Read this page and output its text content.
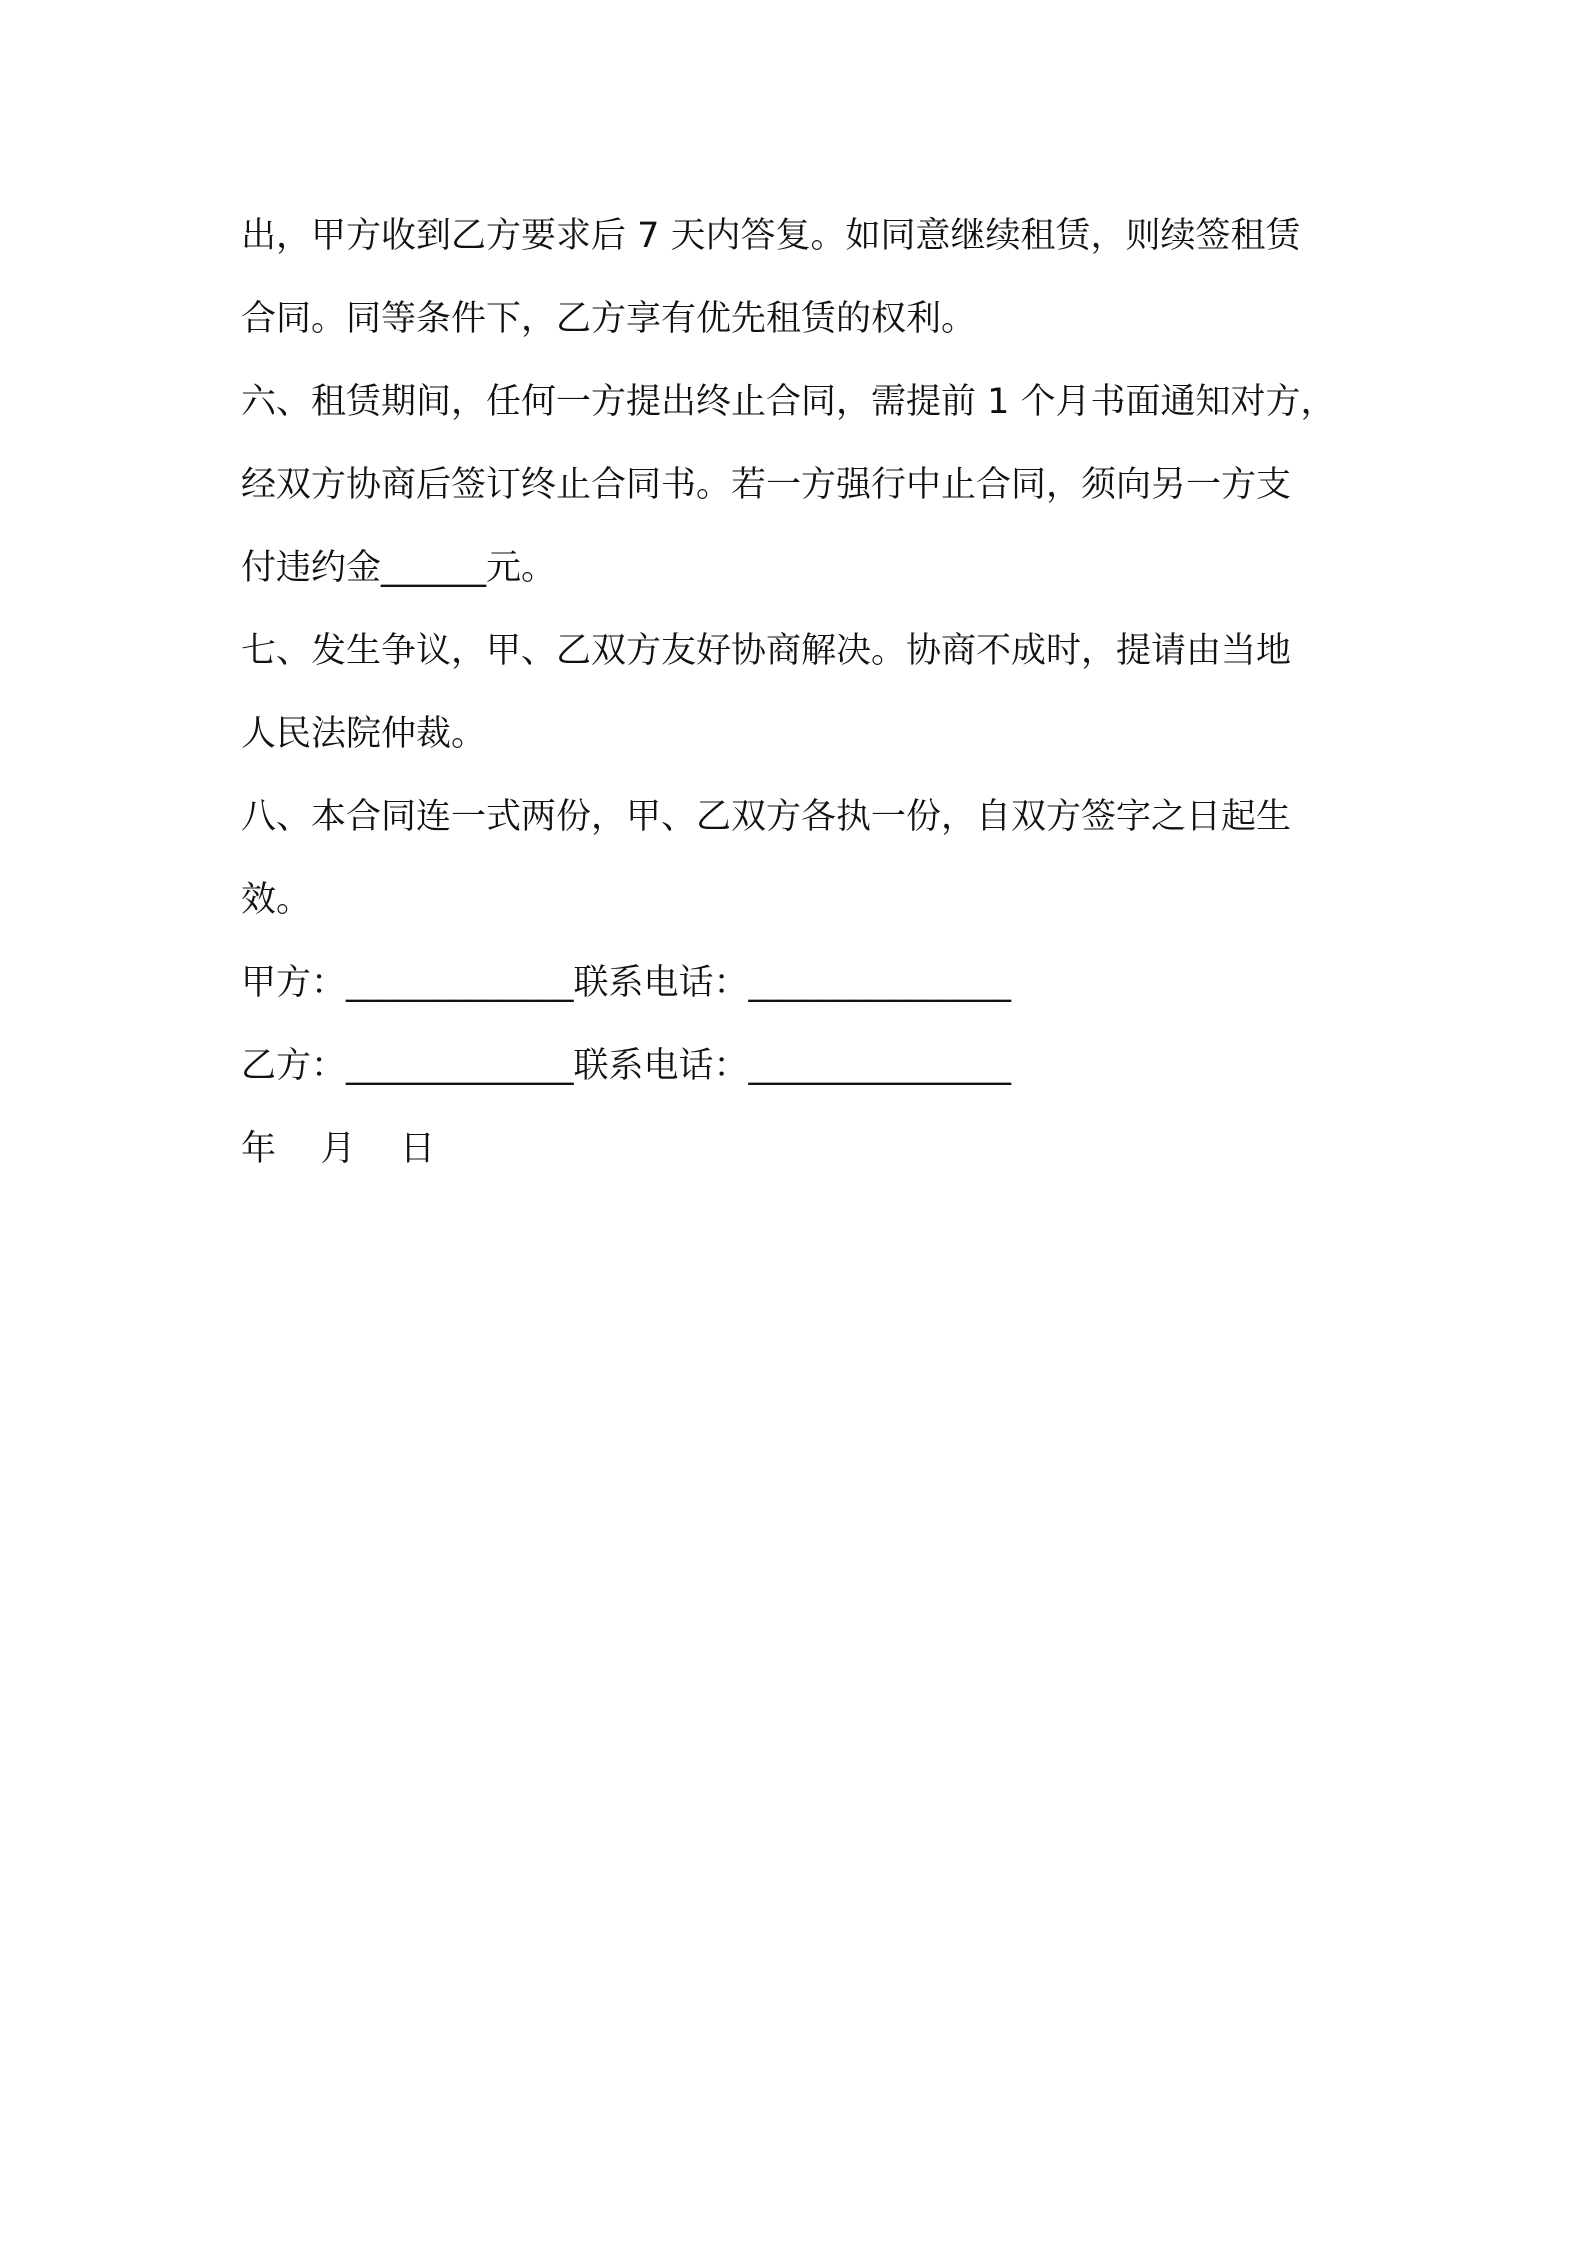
出，甲方收到乙方要求后 7 天内答复。如同意继续租赁，则续签租赁
合同。同等条件下，乙方享有优先租赁的权利。
六、租赁期间，任何一方提出终止合同，需提前 1 个月书面通知对方，
经双方协商后签订终止合同书。若一方强行中止合同，须向另一方支
付违约金______元。
七、发生争议，甲、乙双方友好协商解决。协商不成时，提请由当地
人民法院仲裁。
八、本合同连一式两份，甲、乙双方各执一份，自双方签字之日起生
效。
甲方：_____________联系电话：_______________
乙方：_____________联系电话：_______________
年    月    日
